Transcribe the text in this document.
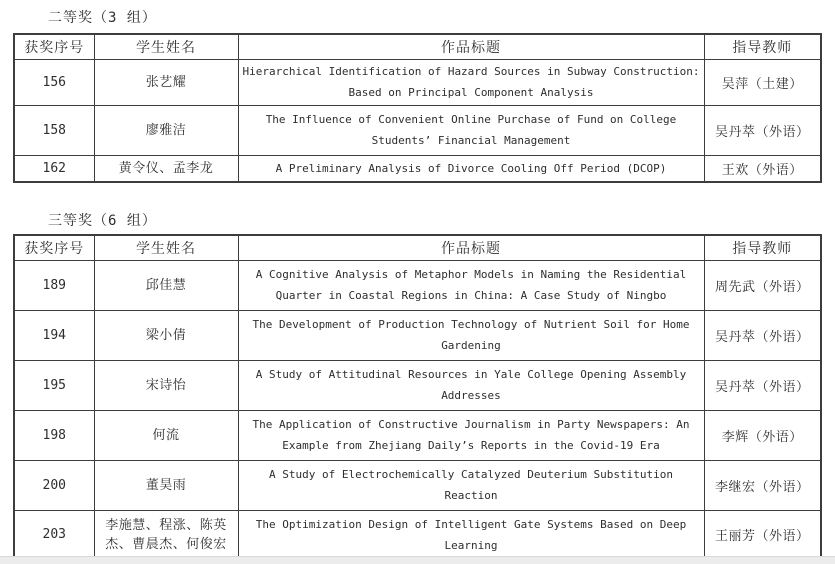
二等奖（3 组）
获奖序号	学生姓名	作品标题	指导教师
156	张艺耀	Hierarchical Identification of Hazard Sources in Subway Construction:
Based on Principal Component Analysis	吴萍（土建）
158	廖雅洁	The Influence of Convenient Online Purchase of Fund on College
Students’ Financial Management	吴丹萃（外语）
162	黄令仪、孟李龙	A Preliminary Analysis of Divorce Cooling Off Period (DCOP)	王欢（外语）
三等奖（6 组）
获奖序号	学生姓名	作品标题	指导教师
189	邱佳慧	A Cognitive Analysis of Metaphor Models in Naming the Residential
Quarter in Coastal Regions in China: A Case Study of Ningbo	周先武（外语）
194	梁小倩	The Development of Production Technology of Nutrient Soil for Home
Gardening	吴丹萃（外语）
195	宋诗怡	A Study of Attitudinal Resources in Yale College Opening Assembly
Addresses	吴丹萃（外语）
198	何流	The Application of Constructive Journalism in Party Newspapers: An
Example from Zhejiang Daily’s Reports in the Covid-19 Era	李辉（外语）
200	董昊雨	A Study of Electrochemically Catalyzed Deuterium Substitution
Reaction	李继宏（外语）
203	李施慧、程涨、陈英杰、曹晨杰、何俊宏	The Optimization Design of Intelligent Gate Systems Based on Deep
Learning	王丽芳（外语）
